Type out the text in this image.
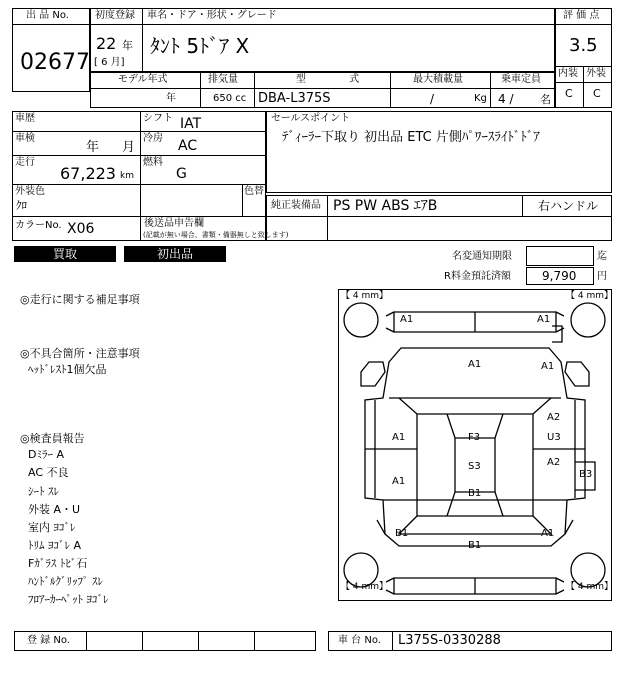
出 品 No.
02677
初度登録 車名・ドア・形状・グレード
22 年
[ 6 月]
ﾀﾝﾄ 5ﾄﾞｱ X
評 価 点
3.5
内装 外装
C C
モデル年式	排気量	型 式	最大積載量	乗車定員
年	650 cc DBA-L375S	/	Kg 4 / 名
車歴	シフト IAT
車検
年 月
冷房 AC
走行
67,223 km
燃料
G
外装色
ｸﾛ
色替
カラーNo. X06	後送品申告欄
(記載が無い場合、書類・備器無しと致します)
セールスポイント
ﾃﾞｨｰﾗｰ下取り 初出品 ETC 片側ﾊﾟﾜｰｽﾗｲﾄﾞﾄﾞｱ
純正装備品 PS PW ABS ｴｱB	右ハンドル
買取	初出品	名変通知期限	迄
R料金預託済額	9,790 円
◎走行に関する補足事項
◎不具合箇所・注意事項
ﾍｯﾄﾞﾚｽﾄ1個欠品
◎検査員報告
Dﾐﾗｰ A
AC 不良
ｼｰﾄ ｽﾚ
外装 A・U
室内 ﾖｺﾞﾚ
ﾄﾘﾑ ﾖｺﾞﾚ A
Fｶﾞﾗｽ ﾄﾋﾞ石
ﾊﾝﾄﾞﾙｸﾞﾘｯﾌﾟ ｽﾚ
ﾌﾛｱｰｶｰﾍﾟｯﾄ ﾖｺﾞﾚ
【 4 mm】	【 4 mm】
【 4 mm】	【 4 mm】
A1	A1
A1	A1
A1	F3
A2
U3
A2
S3
B3
A1
B1
B1	A1
B1
登 録 No.	車 台 No. L375S-0330288
